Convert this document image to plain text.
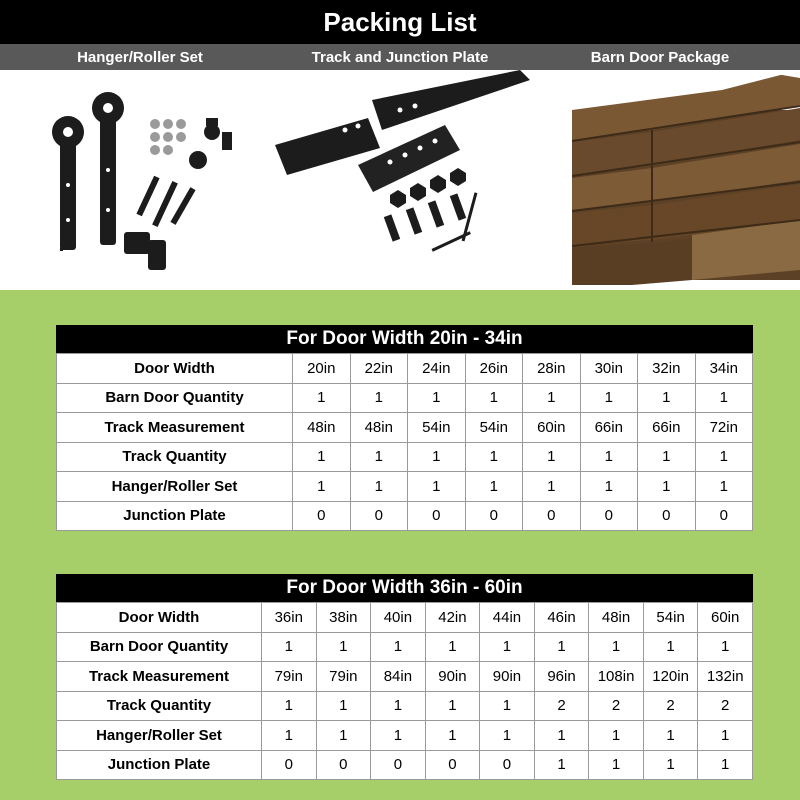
Packing List
Hanger/Roller Set	Track and Junction Plate	Barn Door Package
For Door Width 20in - 34in
Door Width	20in	22in	24in	26in	28in	30in	32in	34in
Barn Door Quantity	1	1	1	1	1	1	1	1
Track Measurement	48in	48in	54in	54in	60in	66in	66in	72in
Track Quantity	1	1	1	1	1	1	1	1
Hanger/Roller Set	1	1	1	1	1	1	1	1
Junction Plate	0	0	0	0	0	0	0	0
For Door Width 36in - 60in
Door Width	36in	38in	40in	42in	44in	46in	48in	54in	60in
Barn Door Quantity	1	1	1	1	1	1	1	1	1
Track Measurement	79in	79in	84in	90in	90in	96in	108in	120in	132in
Track Quantity	1	1	1	1	1	2	2	2	2
Hanger/Roller Set	1	1	1	1	1	1	1	1	1
Junction Plate	0	0	0	0	0	1	1	1	1
